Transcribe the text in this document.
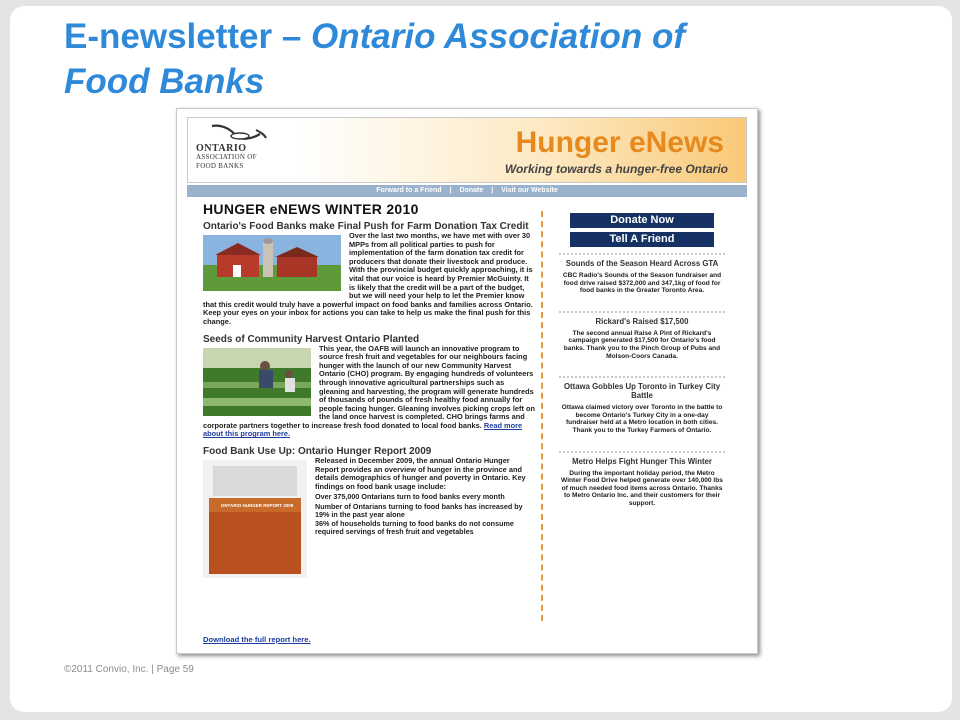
E-newsletter – Ontario Association of
Food Banks
ONTARIO
ASSOCIATION OF
FOOD BANKS
Hunger eNews
Working towards a hunger-free Ontario
Forward to a Friend | Donate | Visit our Website
HUNGER eNEWS WINTER 2010
Ontario's Food Banks make Final Push for Farm Donation Tax Credit
Over the last two months, we have met with over 30 MPPs from all political parties to push for implementation of the farm donation tax credit for producers that donate their livestock and produce. With the provincial budget quickly approaching, it is vital that our voice is heard by Premier McGuinty. It is likely that the credit will be a part of the budget, but we will need your help to let the Premier know that this credit would truly have a powerful impact on food banks and families across Ontario. Keep your eyes on your inbox for actions you can take to help us make the final push for this change.
Seeds of Community Harvest Ontario Planted
This year, the OAFB will launch an innovative program to source fresh fruit and vegetables for our neighbours facing hunger with the launch of our new Community Harvest Ontario (CHO) program. By engaging hundreds of volunteers through innovative agricultural partnerships such as gleaning and harvesting, the program will generate hundreds of thousands of pounds of fresh healthy food annually for people facing hunger. Gleaning involves picking crops left on the land once harvest is completed. CHO brings farms and corporate partners together to increase fresh food donated to local food banks. Read more about this program here.
Food Bank Use Up: Ontario Hunger Report 2009
ONTARIO HUNGER REPORT 2009
Released in December 2009, the annual Ontario Hunger Report provides an overview of hunger in the province and details demographics of hunger and poverty in Ontario. Key findings on food bank usage include:
• Over 375,000 Ontarians turn to food banks every month
• Number of Ontarians turning to food banks has increased by 19% in the past year alone
• 36% of households turning to food banks do not consume required servings of fresh fruit and vegetables
Download the full report here.
Donate Now
Tell A Friend
Sounds of the Season Heard Across GTA
CBC Radio's Sounds of the Season fundraiser and food drive raised $372,000 and 347,1kg of food for food banks in the Greater Toronto Area.
Rickard's Raised $17,500
The second annual Raise A Pint of Rickard's campaign generated $17,500 for Ontario's food banks. Thank you to the Pinch Group of Pubs and Molson-Coors Canada.
Ottawa Gobbles Up Toronto in Turkey City Battle
Ottawa claimed victory over Toronto in the battle to become Ontario's Turkey City in a one-day fundraiser held at a Metro location in both cities. Thank you to the Turkey Farmers of Ontario.
Metro Helps Fight Hunger This Winter
During the important holiday period, the Metro Winter Food Drive helped generate over 140,000 lbs of much needed food items across Ontario. Thanks to Metro Ontario Inc. and their customers for their support.
©2011 Convio, Inc. | Page 59
